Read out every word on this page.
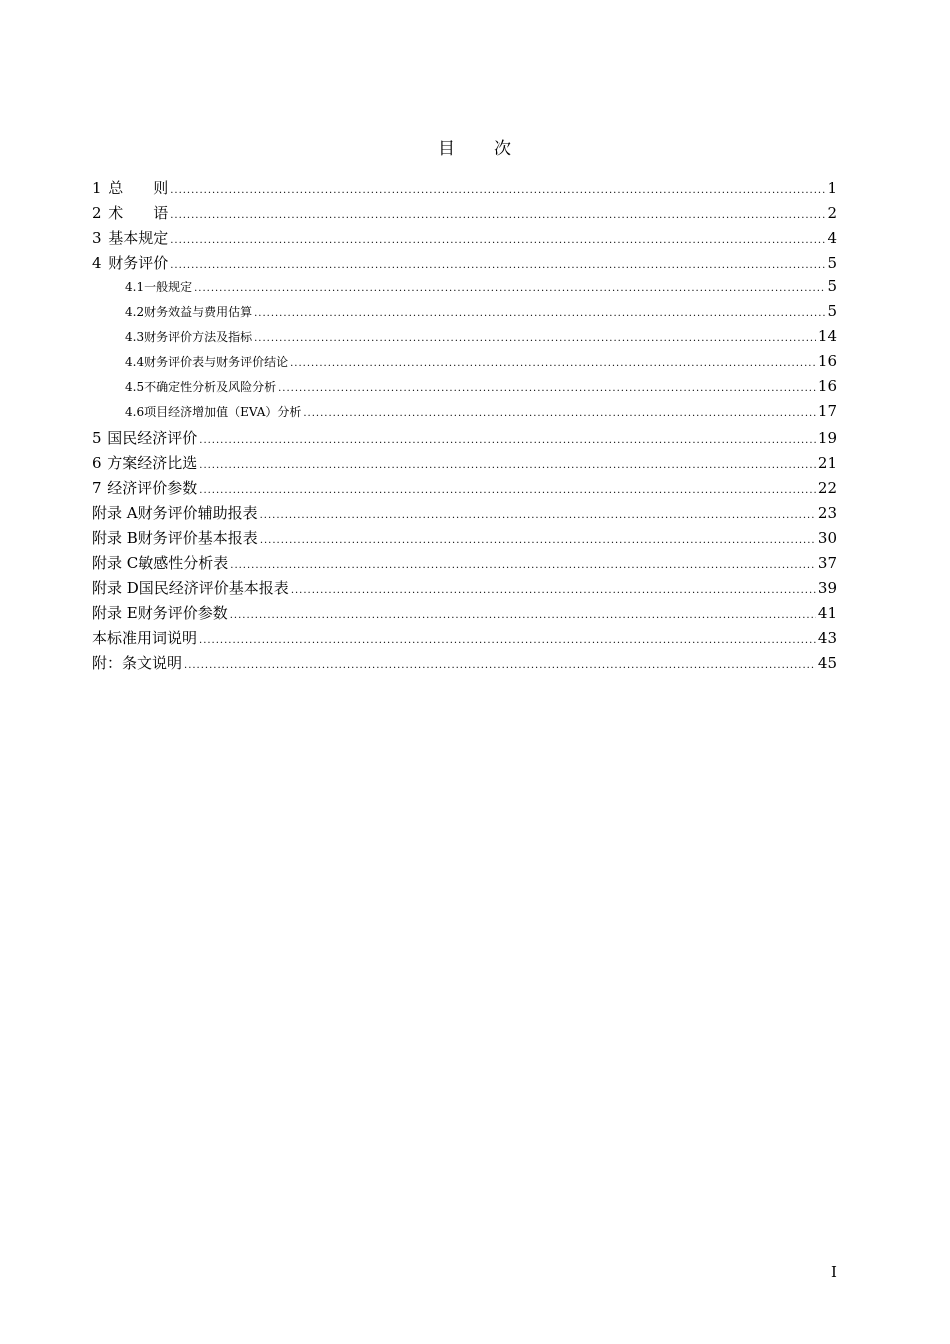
目 次
1 总　　则 .....	1
2 术　　语 .....	2
3 基本规定 .....	4
4 财务评价 .....	5
4.1 一般规定 .....	5
4.2 财务效益与费用估算 .....	5
4.3 财务评价方法及指标 .....	14
4.4 财务评价表与财务评价结论 .....	16
4.5 不确定性分析及风险分析 .....	16
4.6 项目经济增加值（EVA）分析 .....	17
5 国民经济评价 .....	19
6 方案经济比选 .....	21
7 经济评价参数 .....	22
附录 A 财务评价辅助报表 .....	23
附录 B 财务评价基本报表 .....	30
附录 C 敏感性分析表 .....	37
附录 D 国民经济评价基本报表 .....	39
附录 E 财务评价参数 .....	41
本标准用词说明 .....	43
附：条文说明 .....	45
I
